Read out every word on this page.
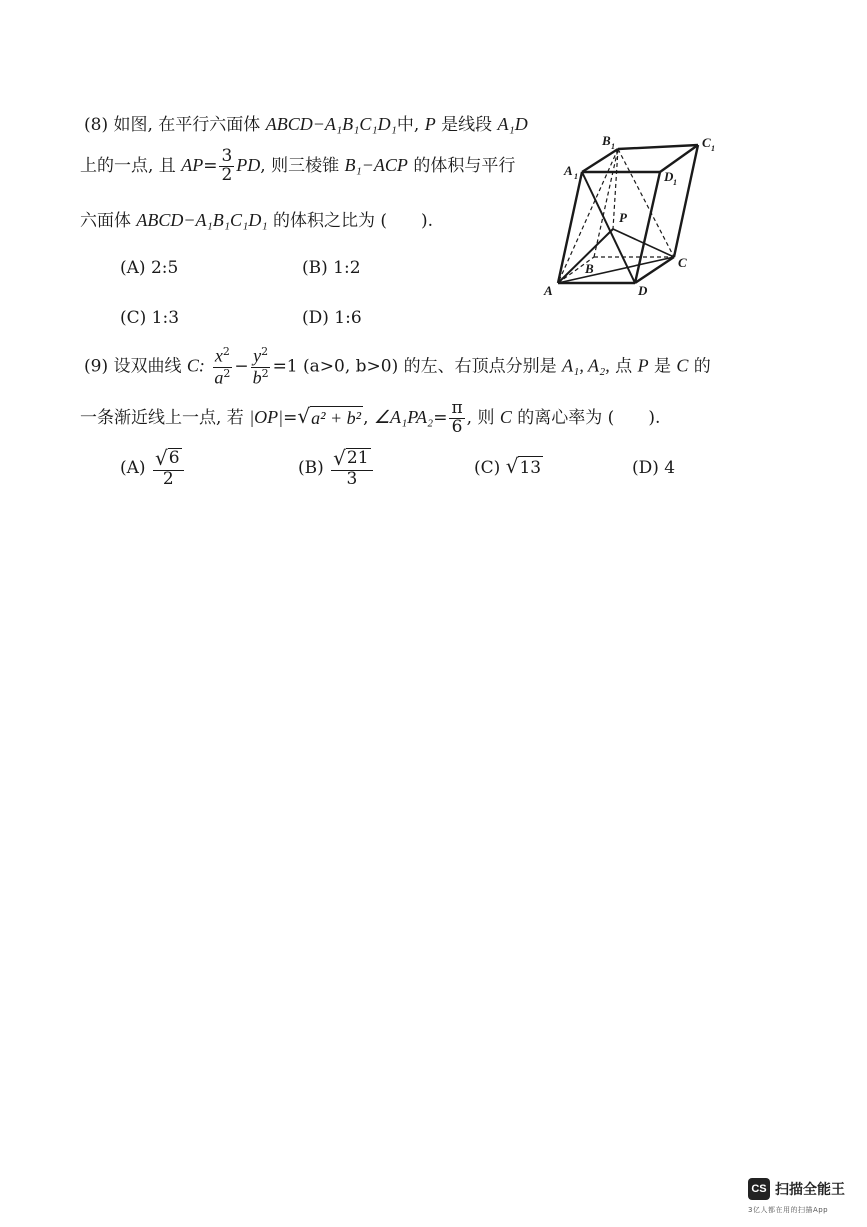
(8) 如图, 在平行六面体 ABCD−A₁B₁C₁D₁中, P 是线段 A₁D
上的一点, 且 $AP= \frac{3}{2}$ PD, 则三棱锥 B₁−ACP 的体积与平行
六面体 ABCD−A₁B₁C₁D₁ 的体积之比为 (　　).
(A) 2:5	(B) 1:2
(C) 1:3	(D) 1:6
A	D
C
B
P
A 1
B 1	C 1
D 1
(9) 设双曲线 C: $\frac{x^2}{a^2} - \frac{y^2}{b^2} =1$ (a>0, b>0) 的左、右顶点分别是 A₁, A₂, 点 P 是 C 的
一条渐近线上一点, 若 |OP|= √ a² + b² , ∠A₁PA₂= $\frac{\pi}{6}$ , 则 C 的离心率为 (　　).
$(A) \frac{√ 6}{2}$	$(B) \frac{√ 21}{3}$	(C) √ 13	(D) 4
CS 扫描全能王
3亿人都在用的扫描App
